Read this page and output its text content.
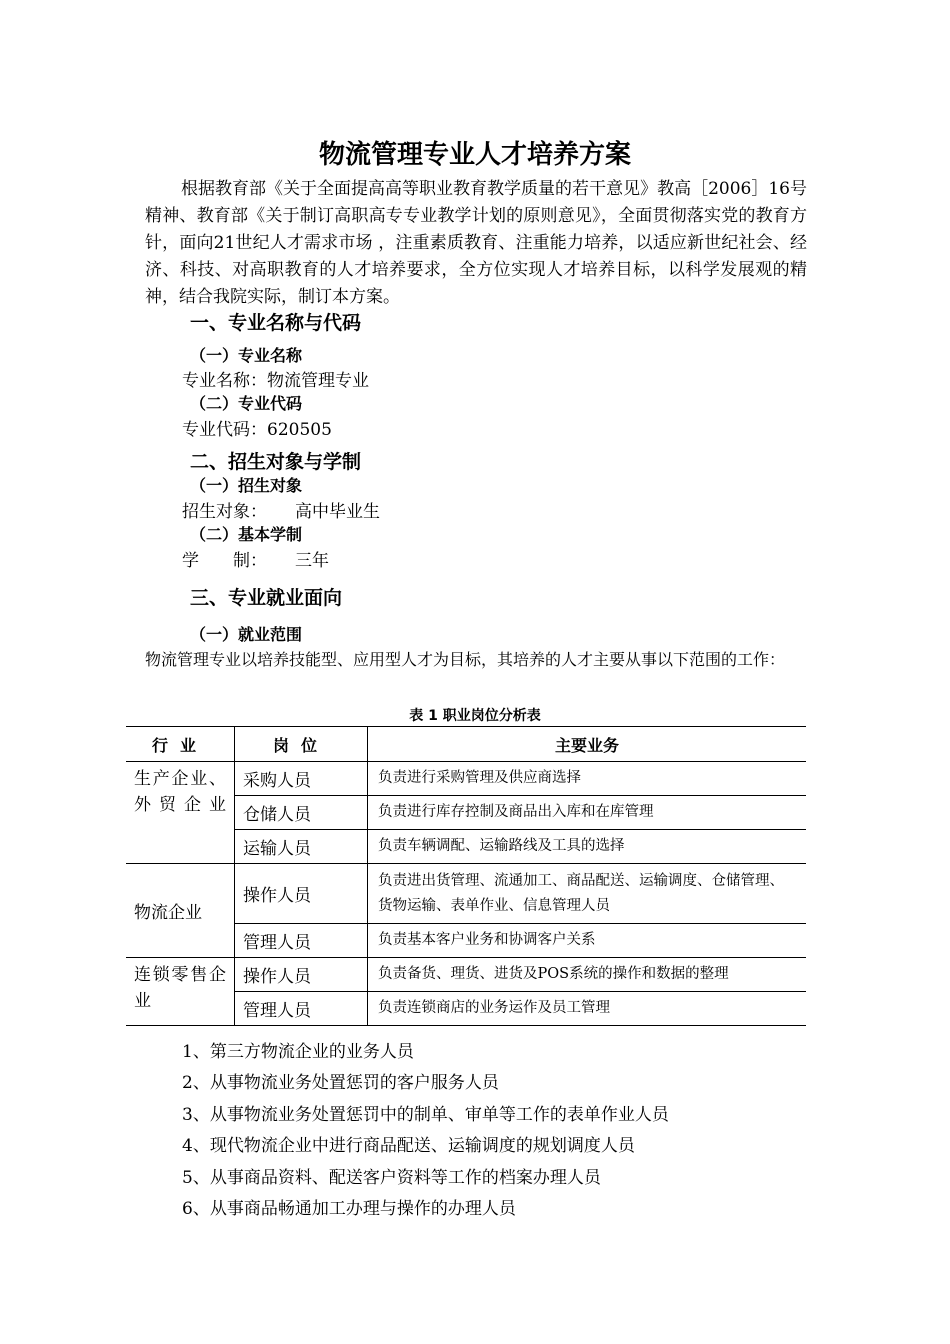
物流管理专业人才培养方案
根据教育部《关于全面提高高等职业教育教学质量的若干意见》教高［2006］16号精神、教育部《关于制订高职高专专业教学计划的原则意见》，全面贯彻落实党的教育方针，面向21世纪人才需求市场 ，注重素质教育、注重能力培养，以适应新世纪社会、经济、科技、对高职教育的人才培养要求，全方位实现人才培养目标，以科学发展观的精神，结合我院实际，制订本方案。
一、专业名称与代码
（一）专业名称
专业名称：物流管理专业
（二）专业代码
专业代码：620505
二、招生对象与学制
（一）招生对象
招生对象： 高中毕业生
（二）基本学制
学　　制： 三年
三、专业就业面向
（一）就业范围
物流管理专业以培养技能型、应用型人才为目标，其培养的人才主要从事以下范围的工作：
表 1 职业岗位分析表
行业	岗位	主要业务
生产企业、外贸企业	采购人员	负责进行采购管理及供应商选择
	仓储人员	负责进行库存控制及商品出入库和在库管理
	运输人员	负责车辆调配、运输路线及工具的选择
物流企业	操作人员	负责进出货管理、流通加工、商品配送、运输调度、仓储管理、货物运输、表单作业、信息管理人员
	管理人员	负责基本客户业务和协调客户关系
连锁零售企业	操作人员	负责备货、理货、进货及POS系统的操作和数据的整理
	管理人员	负责连锁商店的业务运作及员工管理
1、第三方物流企业的业务人员
2、从事物流业务处置惩罚的客户服务人员
3、从事物流业务处置惩罚中的制单、审单等工作的表单作业人员
4、现代物流企业中进行商品配送、运输调度的规划调度人员
5、从事商品资料、配送客户资料等工作的档案办理人员
6、从事商品畅通加工办理与操作的办理人员
